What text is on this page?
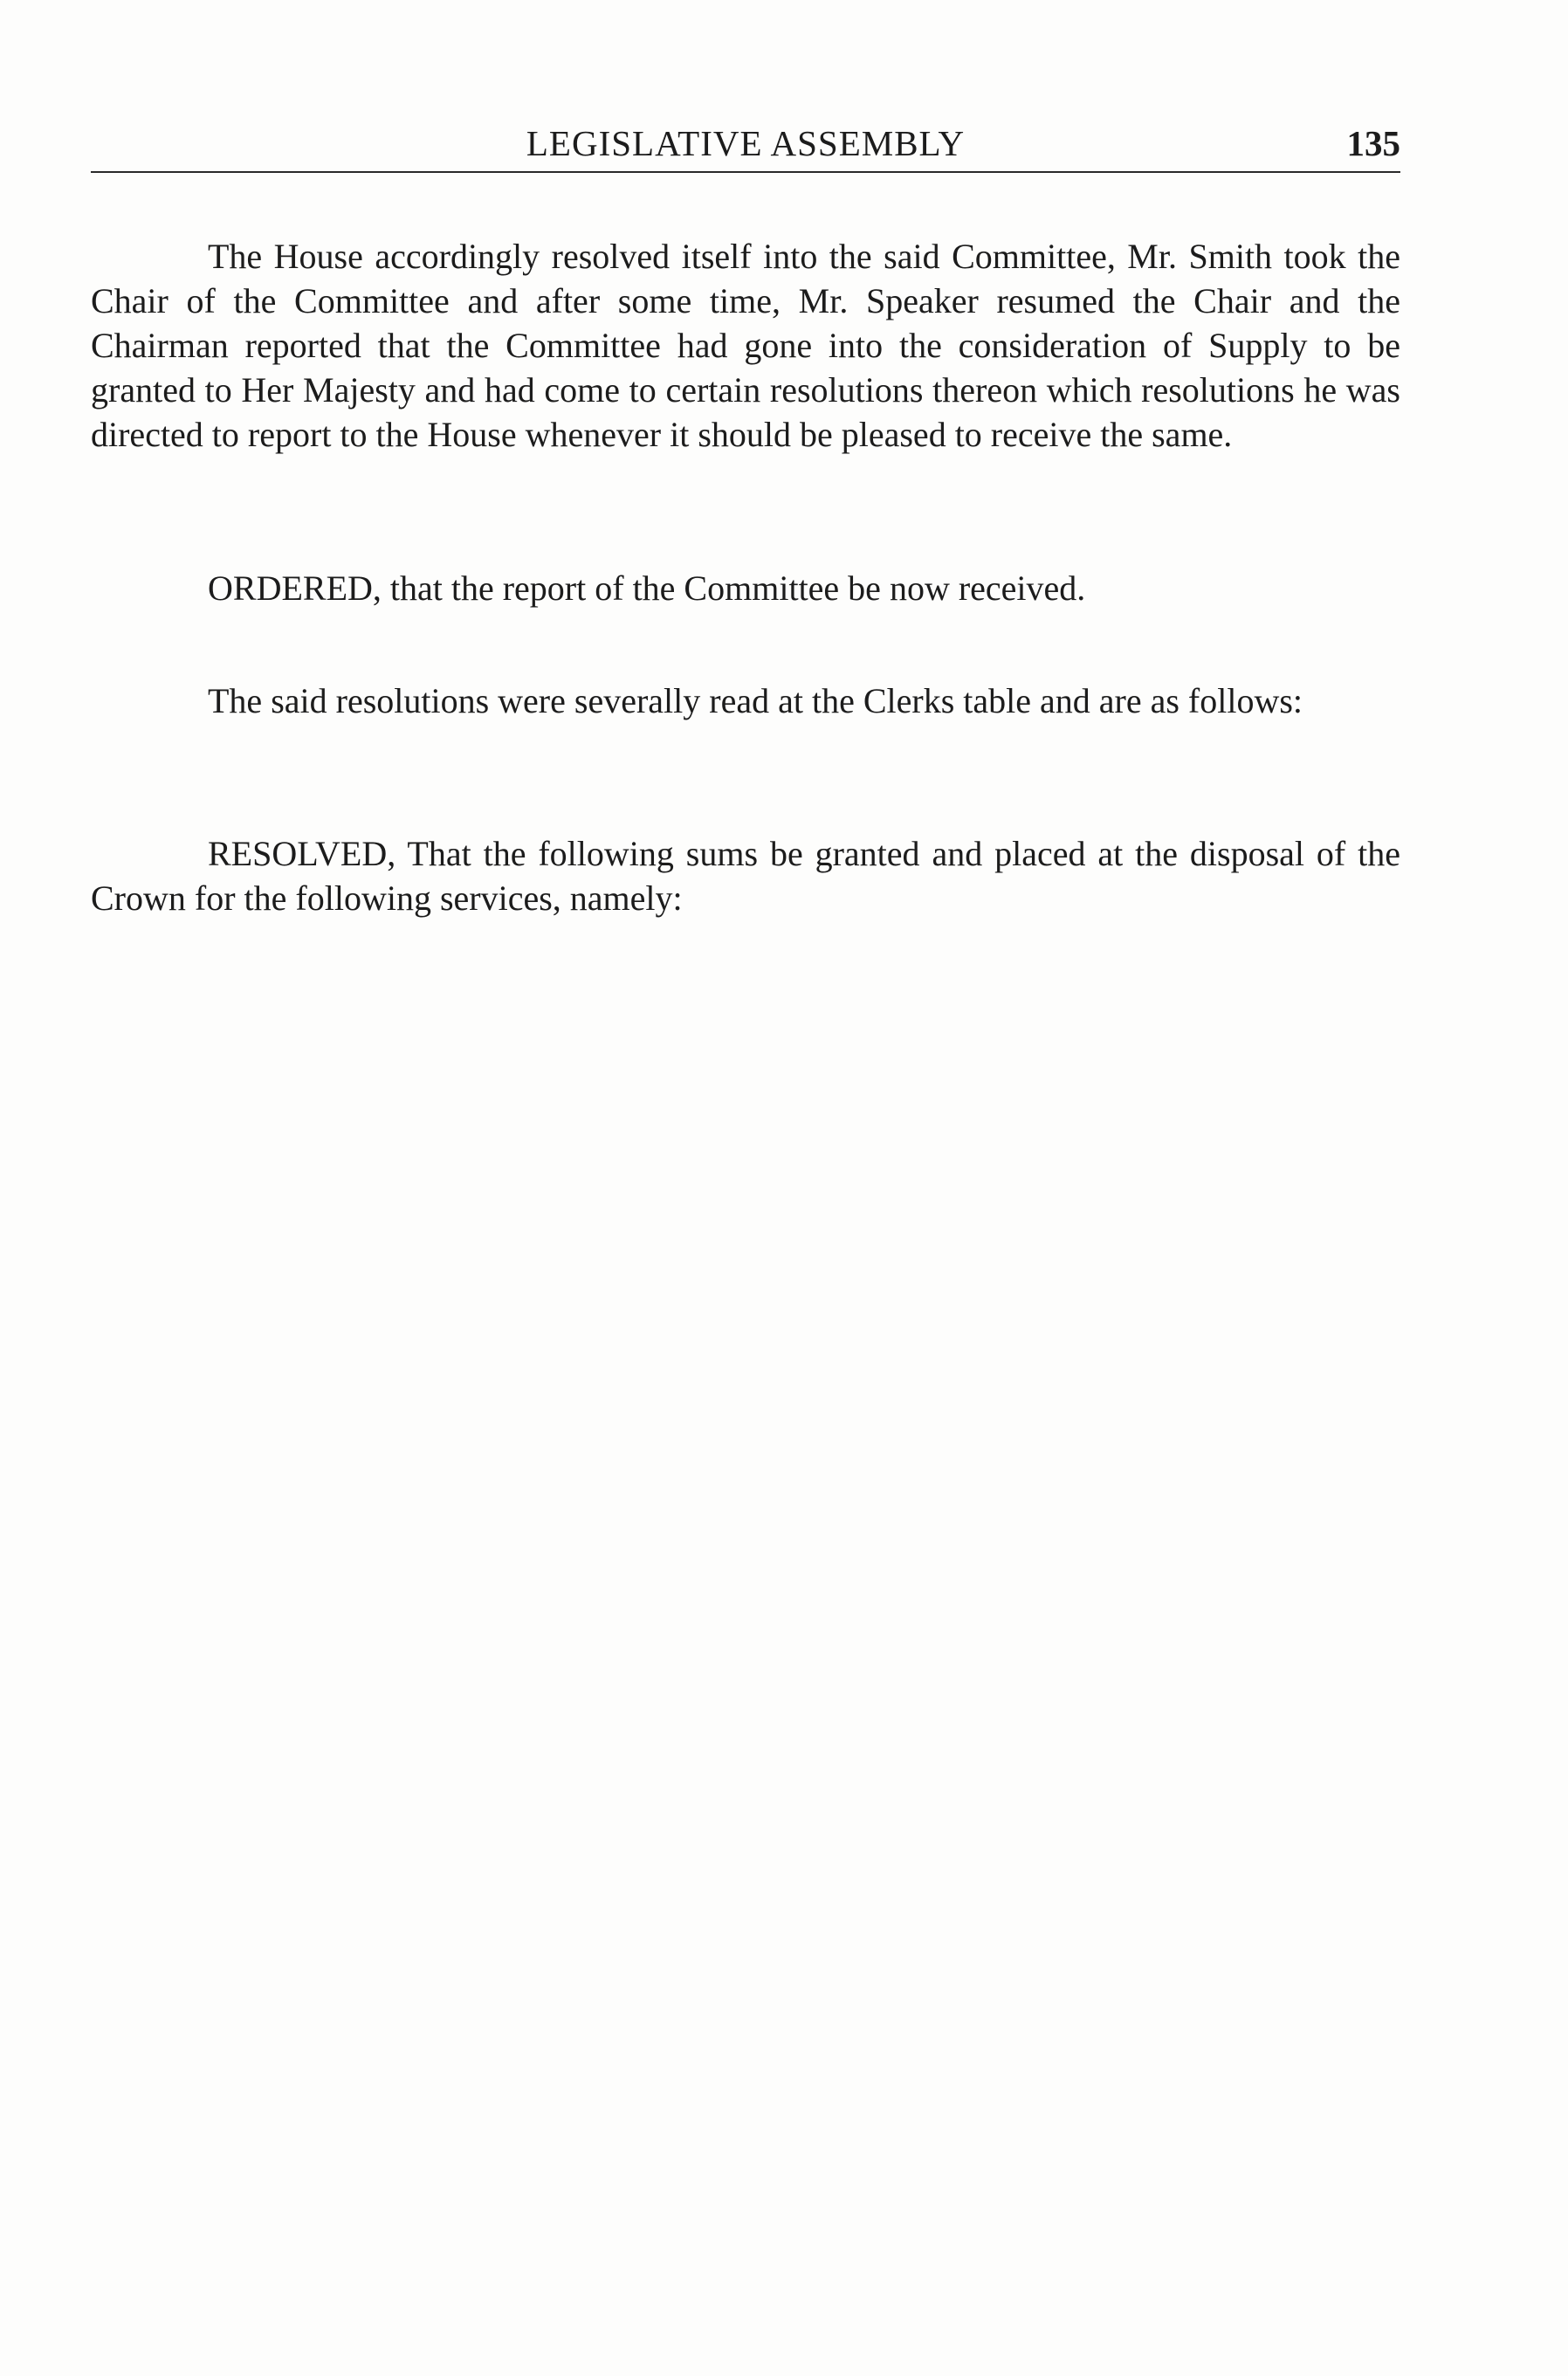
LEGISLATIVE ASSEMBLY	135

The House accordingly resolved itself into the said Committee, Mr. Smith took the Chair of the Committee and after some time, Mr. Speaker resumed the Chair and the Chairman reported that the Committee had gone into the consideration of Supply to be granted to Her Majesty and had come to certain resolutions thereon which resolutions he was directed to report to the House whenever it should be pleased to receive the same.

ORDERED, that the report of the Committee be now received.

The said resolutions were severally read at the Clerks table and are as follows:

RESOLVED, That the following sums be granted and placed at the disposal of the Crown for the following services, namely:
